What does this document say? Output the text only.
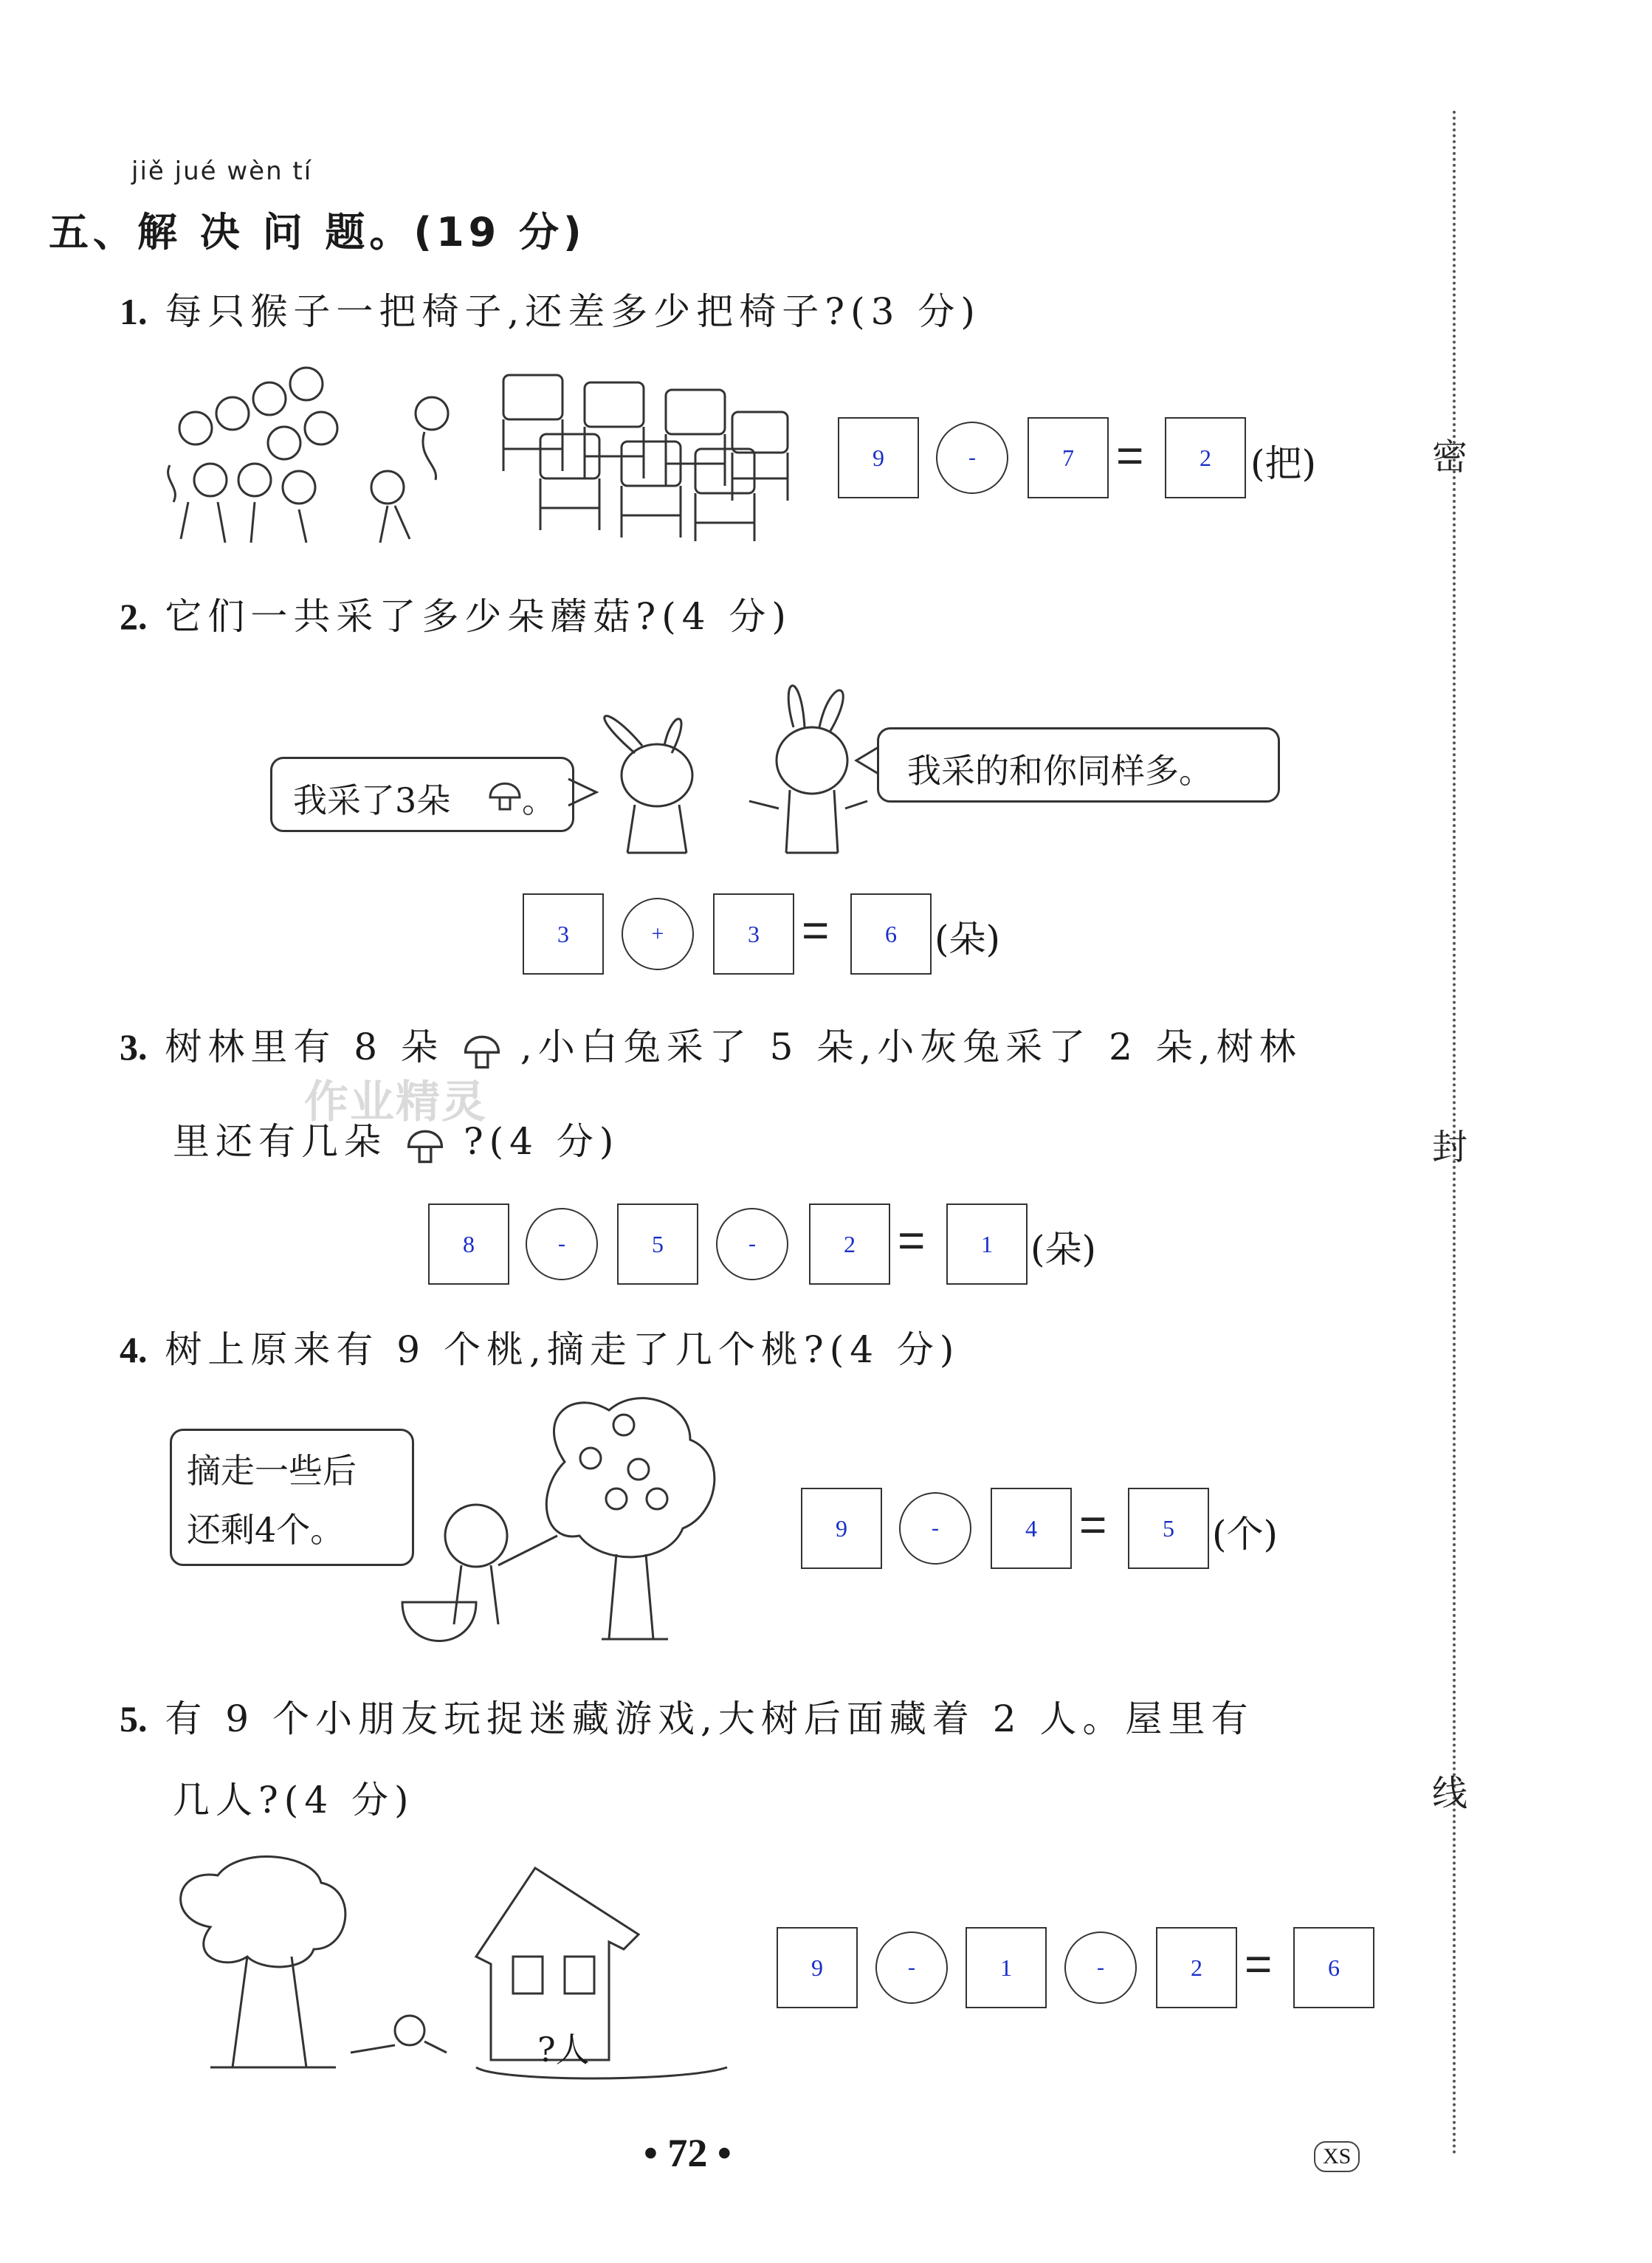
密
封
线
jiě jué wèn tí
五、解 决 问 题。(19 分)
1. 每只猴子一把椅子,还差多少把椅子?(3 分)
9	-	7 = 2 (把)
2. 它们一共采了多少朵蘑菇?(4 分)
我采了3朵 。
我采的和你同样多。
3	+	3 = 6 (朵)
3. 树林里有 8 朵 ,小白兔采了 5 朵,小灰兔采了 2 朵,树林
里还有几朵 ?(4 分)
作业精灵
8	-	5	-	2 = 1 (朵)
4. 树上原来有 9 个桃,摘走了几个桃?(4 分)
摘走一些后
还剩4个。	9	-	4 = 5 (个)
5. 有 9 个小朋友玩捉迷藏游戏,大树后面藏着 2 人。屋里有
几人?(4 分)
?人
9	-	1	-	2 = 6
• 72 •	XS
